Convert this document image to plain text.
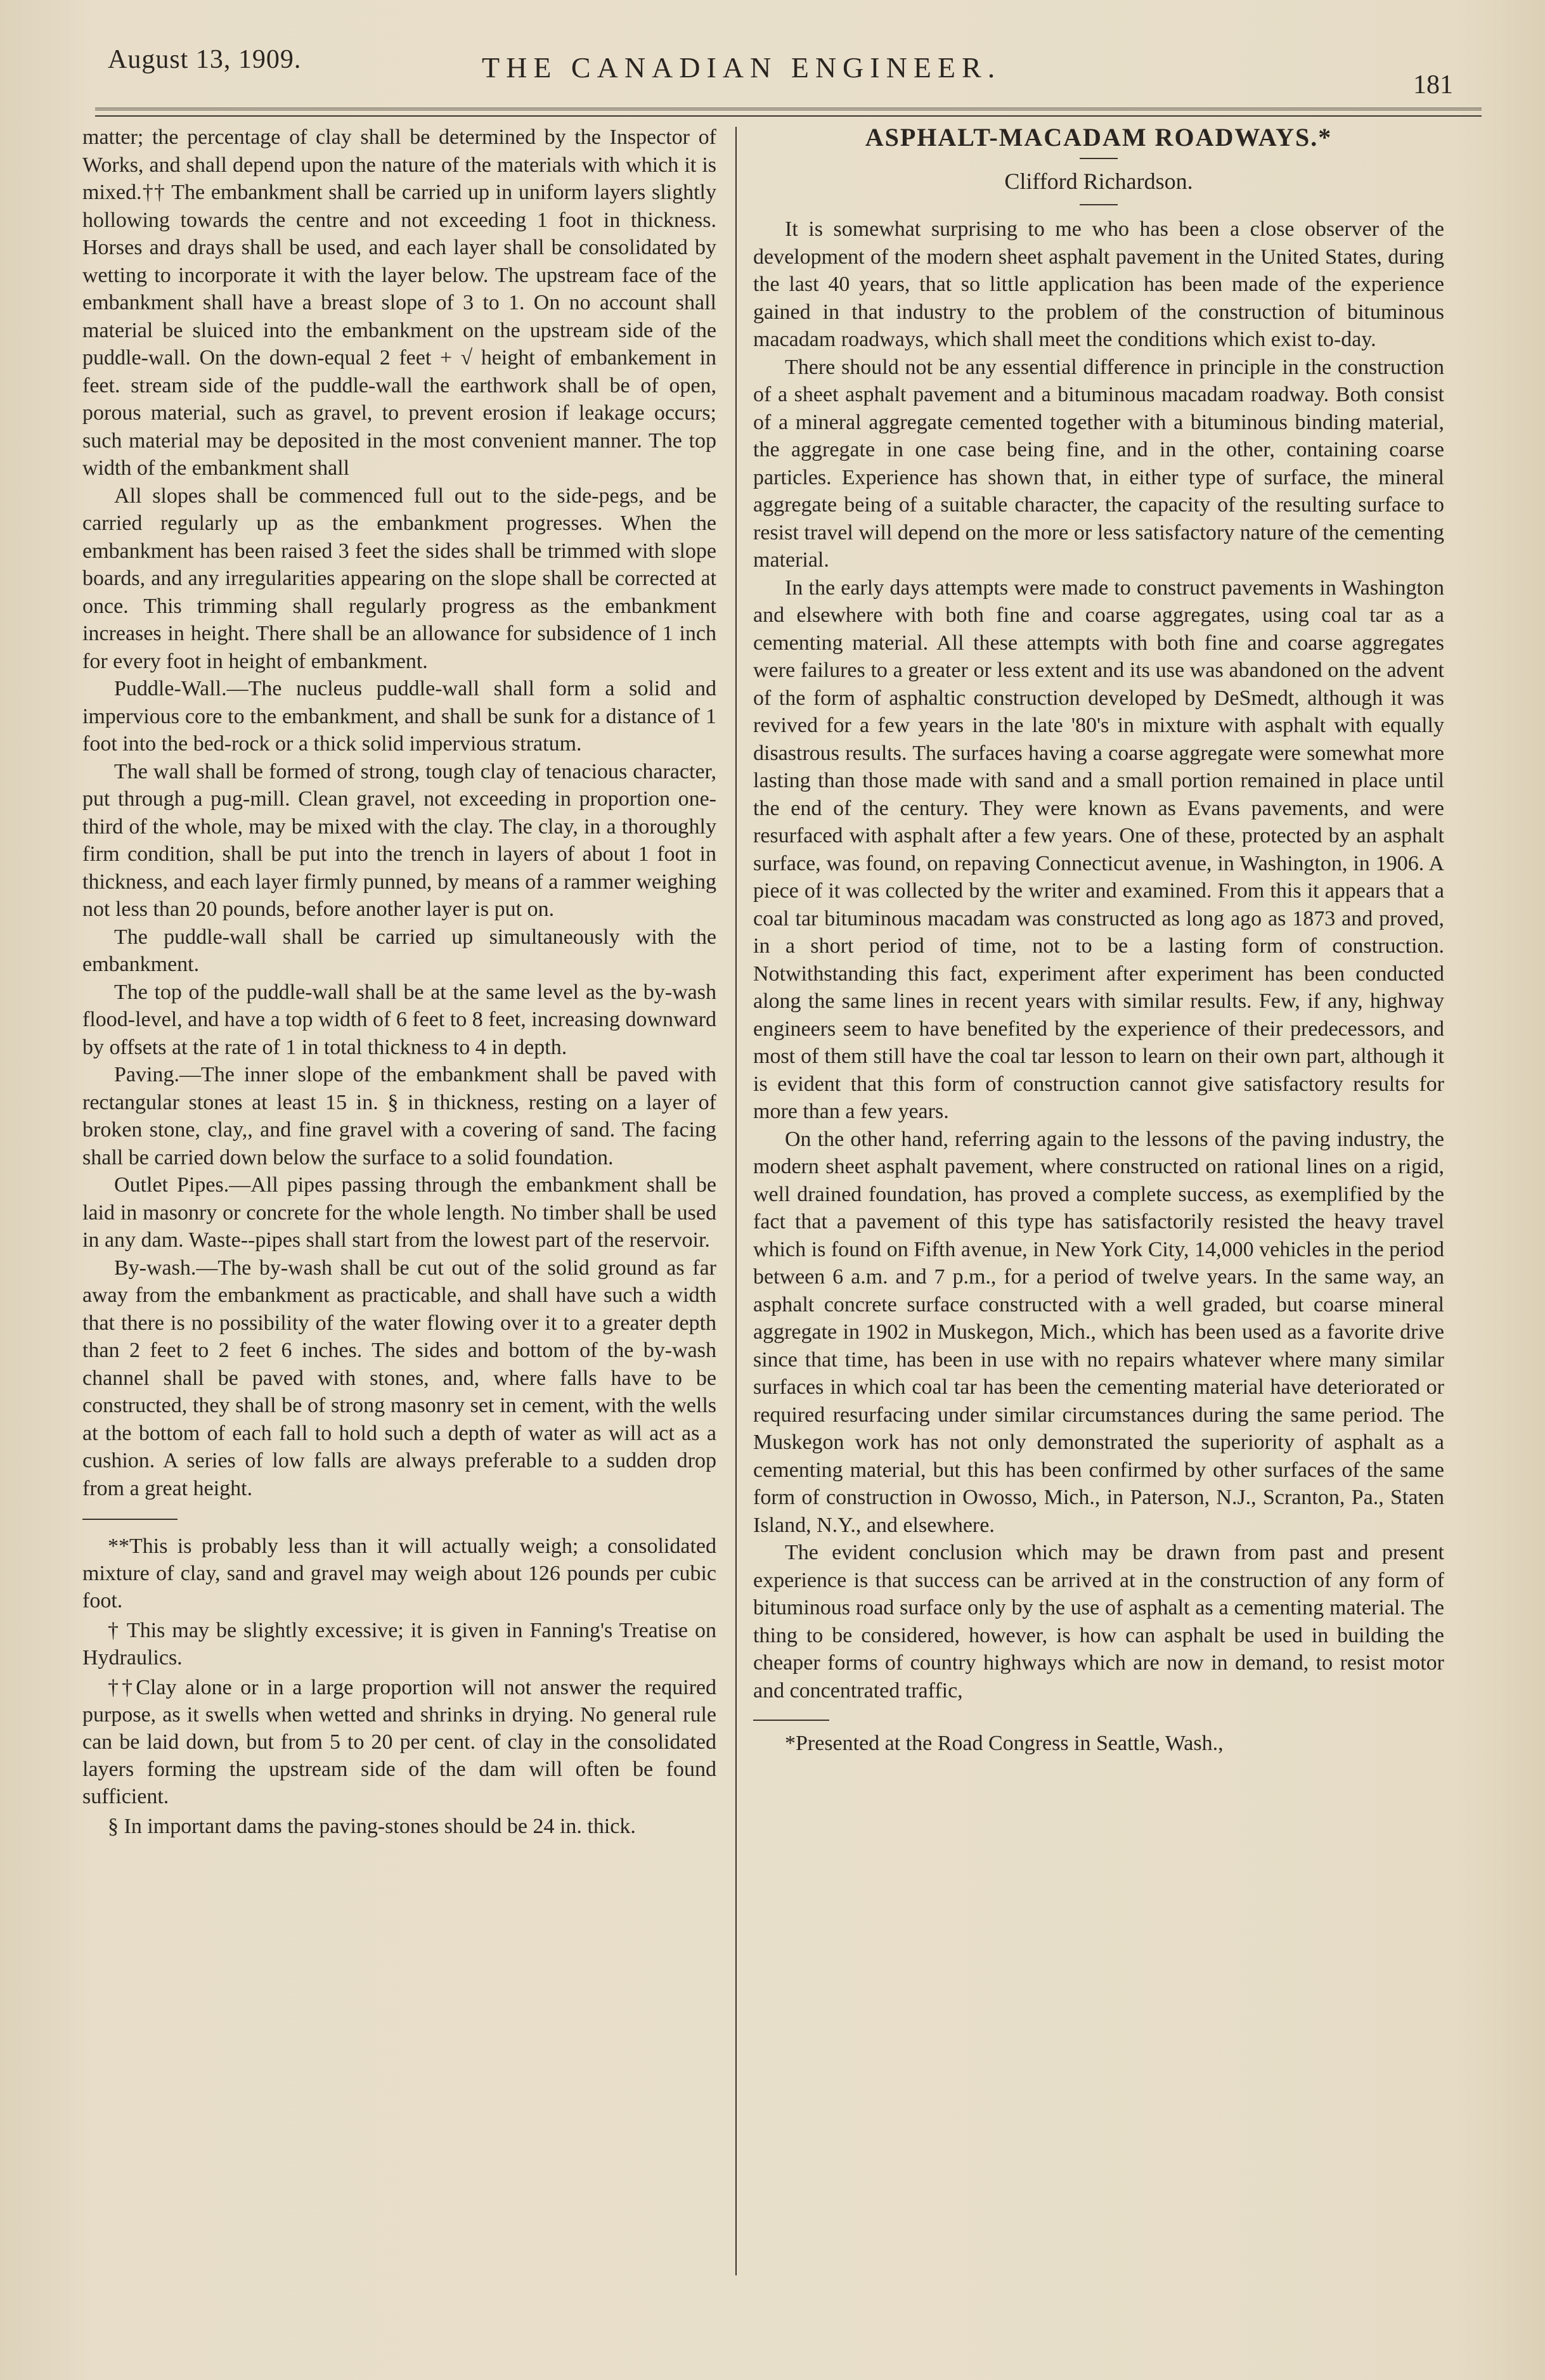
August 13, 1909.	THE CANADIAN ENGINEER.
181

matter; the percentage of clay shall be determined by the Inspector of Works, and shall depend upon the nature of the materials with which it is mixed.†† The embankment shall be carried up in uniform layers slightly hollowing towards the centre and not exceeding 1 foot in thickness. Horses and drays shall be used, and each layer shall be consolidated by wetting to incorporate it with the layer below. The upstream face of the embankment shall have a breast slope of 3 to 1. On no account shall material be sluiced into the embankment on the upstream side of the puddle-wall. On the down-equal 2 feet + √ height of embankement in feet. stream side of the puddle-wall the earthwork shall be of open, porous material, such as gravel, to prevent erosion if leakage occurs; such material may be deposited in the most convenient manner. The top width of the embankment shall

All slopes shall be commenced full out to the side-pegs, and be carried regularly up as the embankment progresses. When the embankment has been raised 3 feet the sides shall be trimmed with slope boards, and any irregularities appearing on the slope shall be corrected at once. This trimming shall regularly progress as the embankment increases in height. There shall be an allowance for subsidence of 1 inch for every foot in height of embankment.

Puddle-Wall.—The nucleus puddle-wall shall form a solid and impervious core to the embankment, and shall be sunk for a distance of 1 foot into the bed-rock or a thick solid impervious stratum.

The wall shall be formed of strong, tough clay of tenacious character, put through a pug-mill. Clean gravel, not exceeding in proportion one-third of the whole, may be mixed with the clay. The clay, in a thoroughly firm condition, shall be put into the trench in layers of about 1 foot in thickness, and each layer firmly punned, by means of a rammer weighing not less than 20 pounds, before another layer is put on.

The puddle-wall shall be carried up simultaneously with the embankment.

The top of the puddle-wall shall be at the same level as the by-wash flood-level, and have a top width of 6 feet to 8 feet, increasing downward by offsets at the rate of 1 in total thickness to 4 in depth.

Paving.—The inner slope of the embankment shall be paved with rectangular stones at least 15 in. § in thickness, resting on a layer of broken stone, clay,, and fine gravel with a covering of sand. The facing shall be carried down below the surface to a solid foundation.

Outlet Pipes.—All pipes passing through the embankment shall be laid in masonry or concrete for the whole length. No timber shall be used in any dam. Waste--pipes shall start from the lowest part of the reservoir.

By-wash.—The by-wash shall be cut out of the solid ground as far away from the embankment as practicable, and shall have such a width that there is no possibility of the water flowing over it to a greater depth than 2 feet to 2 feet 6 inches. The sides and bottom of the by-wash channel shall be paved with stones, and, where falls have to be constructed, they shall be of strong masonry set in cement, with the wells at the bottom of each fall to hold such a depth of water as will act as a cushion. A series of low falls are always preferable to a sudden drop from a great height.

**This is probably less than it will actually weigh; a consolidated mixture of clay, sand and gravel may weigh about 126 pounds per cubic foot.

† This may be slightly excessive; it is given in Fanning's Treatise on Hydraulics.

††Clay alone or in a large proportion will not answer the required purpose, as it swells when wetted and shrinks in drying. No general rule can be laid down, but from 5 to 20 per cent. of clay in the consolidated layers forming the upstream side of the dam will often be found sufficient.

§ In important dams the paving-stones should be 24 in. thick.

ASPHALT-MACADAM ROADWAYS.*

Clifford Richardson.

It is somewhat surprising to me who has been a close observer of the development of the modern sheet asphalt pavement in the United States, during the last 40 years, that so little application has been made of the experience gained in that industry to the problem of the construction of bituminous macadam roadways, which shall meet the conditions which exist to-day.

There should not be any essential difference in principle in the construction of a sheet asphalt pavement and a bituminous macadam roadway. Both consist of a mineral aggregate cemented together with a bituminous binding material, the aggregate in one case being fine, and in the other, containing coarse particles. Experience has shown that, in either type of surface, the mineral aggregate being of a suitable character, the capacity of the resulting surface to resist travel will depend on the more or less satisfactory nature of the cementing material.

In the early days attempts were made to construct pavements in Washington and elsewhere with both fine and coarse aggregates, using coal tar as a cementing material. All these attempts with both fine and coarse aggregates were failures to a greater or less extent and its use was abandoned on the advent of the form of asphaltic construction developed by DeSmedt, although it was revived for a few years in the late '80's in mixture with asphalt with equally disastrous results. The surfaces having a coarse aggregate were somewhat more lasting than those made with sand and a small portion remained in place until the end of the century. They were known as Evans pavements, and were resurfaced with asphalt after a few years. One of these, protected by an asphalt surface, was found, on repaving Connecticut avenue, in Washington, in 1906. A piece of it was collected by the writer and examined. From this it appears that a coal tar bituminous macadam was constructed as long ago as 1873 and proved, in a short period of time, not to be a lasting form of construction. Notwithstanding this fact, experiment after experiment has been conducted along the same lines in recent years with similar results. Few, if any, highway engineers seem to have benefited by the experience of their predecessors, and most of them still have the coal tar lesson to learn on their own part, although it is evident that this form of construction cannot give satisfactory results for more than a few years.

On the other hand, referring again to the lessons of the paving industry, the modern sheet asphalt pavement, where constructed on rational lines on a rigid, well drained foundation, has proved a complete success, as exemplified by the fact that a pavement of this type has satisfactorily resisted the heavy travel which is found on Fifth avenue, in New York City, 14,000 vehicles in the period between 6 a.m. and 7 p.m., for a period of twelve years. In the same way, an asphalt concrete surface constructed with a well graded, but coarse mineral aggregate in 1902 in Muskegon, Mich., which has been used as a favorite drive since that time, has been in use with no repairs whatever where many similar surfaces in which coal tar has been the cementing material have deteriorated or required resurfacing under similar circumstances during the same period. The Muskegon work has not only demonstrated the superiority of asphalt as a cementing material, but this has been confirmed by other surfaces of the same form of construction in Owosso, Mich., in Paterson, N.J., Scranton, Pa., Staten Island, N.Y., and elsewhere.

The evident conclusion which may be drawn from past and present experience is that success can be arrived at in the construction of any form of bituminous road surface only by the use of asphalt as a cementing material. The thing to be considered, however, is how can asphalt be used in building the cheaper forms of country highways which are now in demand, to resist motor and concentrated traffic,

*Presented at the Road Congress in Seattle, Wash.,
